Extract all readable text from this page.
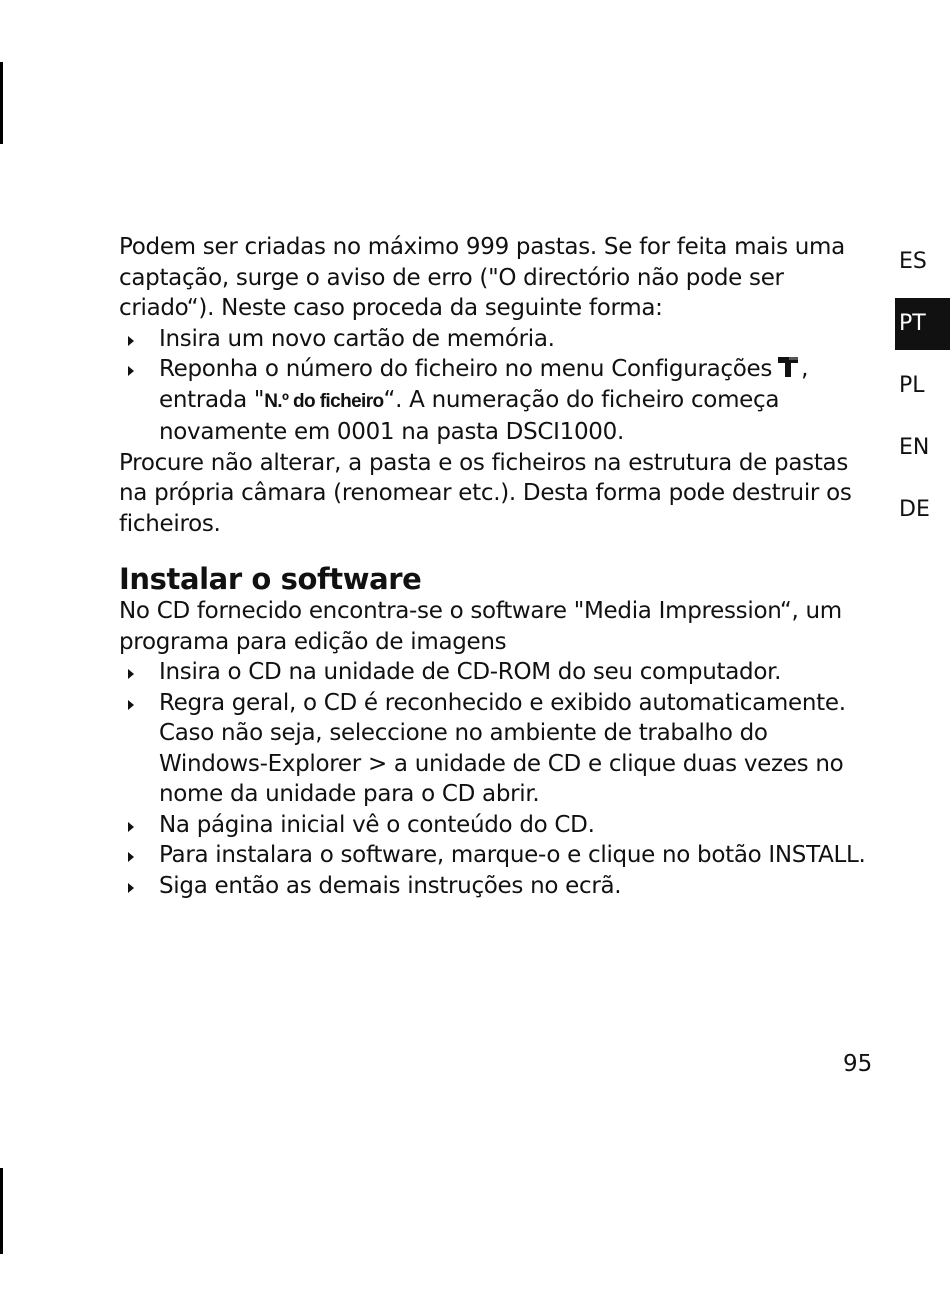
Podem ser criadas no máximo 999 pastas. Se for feita mais uma captação, surge o aviso de erro ("O directório não pode ser criado“). Neste caso proceda da seguinte forma:

Insira um novo cartão de memória.
Reponha o número do ficheiro no menu Configurações , entrada "N.º do ficheiro“. A numeração do ficheiro começa novamente em 0001 na pasta DSCI1000.

Procure não alterar, a pasta e os ficheiros na estrutura de pastas na própria câmara (renomear etc.). Desta forma pode destruir os ficheiros.

Instalar o software

No CD fornecido encontra-se o software "Media Impression“, um programa para edição de imagens

Insira o CD na unidade de CD-ROM do seu computador.
Regra geral, o CD é reconhecido e exibido automaticamente. Caso não seja, seleccione no ambiente de trabalho do Windows-Explorer > a unidade de CD e clique duas vezes no nome da unidade para o CD abrir.
Na página inicial vê o conteúdo do CD.
Para instalara o software, marque-o e clique no botão INSTALL.
Siga então as demais instruções no ecrã.
ES
PT
PL
EN
DE
95
